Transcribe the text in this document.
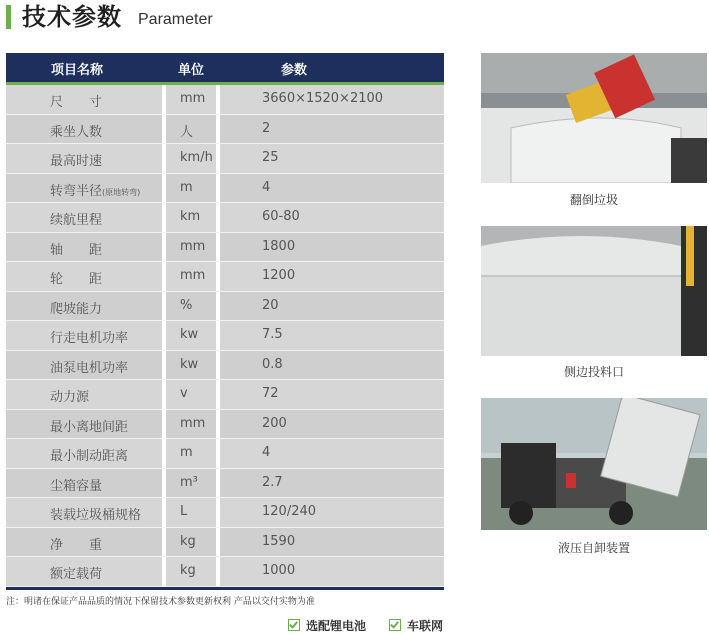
技术参数 Parameter
项目名称	单位	参数
尺　　寸	mm	3660×1520×2100
乘坐人数	人	2
最高时速	km/h	25
转弯半径(原地转弯)	m	4
续航里程	km	60-80
轴　　距	mm	1800
轮　　距	mm	1200
爬坡能力	%	20
行走电机功率	kw	7.5
油泵电机功率	kw	0.8
动力源	v	72
最小离地间距	mm	200
最小制动距离	m	4
尘箱容量	m³	2.7
装载垃圾桶规格	L	120/240
净　　重	kg	1590
额定载荷	kg	1000
翻倒垃圾
侧边投料口
液压自卸装置
注：明诸在保证产品品质的情况下保留技术参数更新权利 产品以交付实物为准
选配锂电池	车联网
